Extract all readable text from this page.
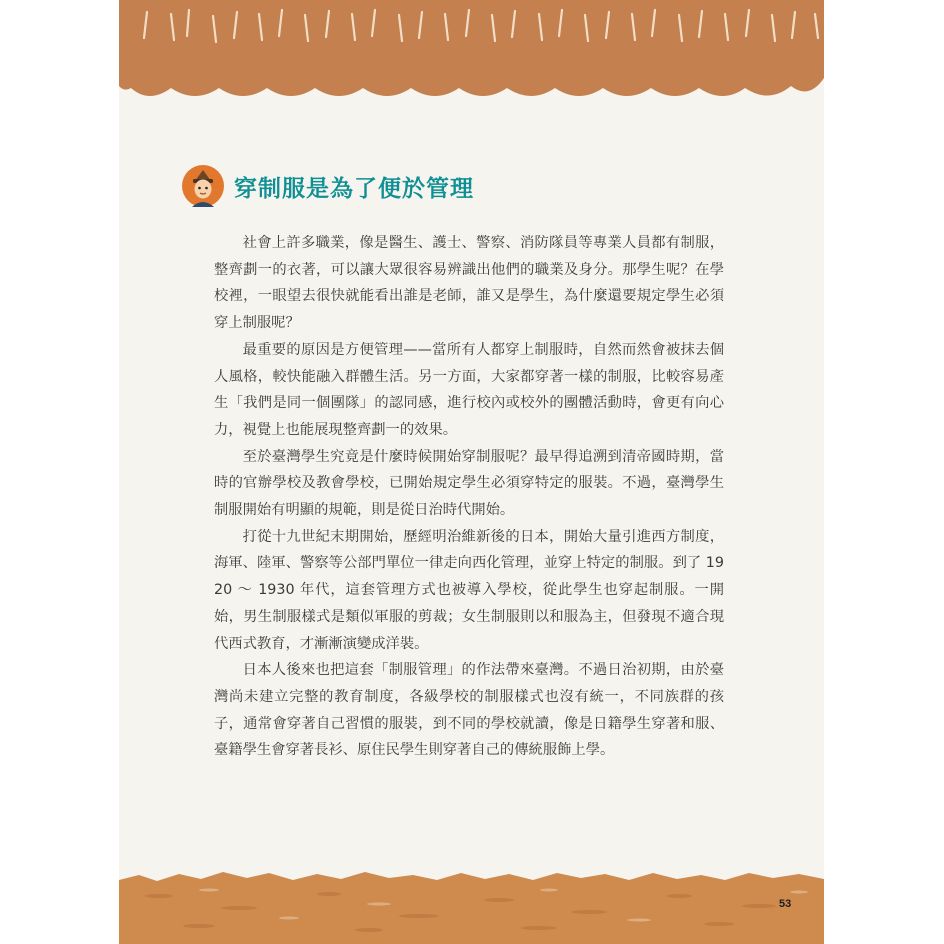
穿制服是為了便於管理

社會上許多職業，像是醫生、護士、警察、消防隊員等專業人員都有制服，整齊劃一的衣著，可以讓大眾很容易辨識出他們的職業及身分。那學生呢？在學校裡，一眼望去很快就能看出誰是老師，誰又是學生，為什麼還要規定學生必須穿上制服呢？

最重要的原因是方便管理——當所有人都穿上制服時，自然而然會被抹去個人風格，較快能融入群體生活。另一方面，大家都穿著一樣的制服，比較容易產生「我們是同一個團隊」的認同感，進行校內或校外的團體活動時，會更有向心力，視覺上也能展現整齊劃一的效果。

至於臺灣學生究竟是什麼時候開始穿制服呢？最早得追溯到清帝國時期，當時的官辦學校及教會學校，已開始規定學生必須穿特定的服裝。不過，臺灣學生制服開始有明顯的規範，則是從日治時代開始。

打從十九世紀末期開始，歷經明治維新後的日本，開始大量引進西方制度，海軍、陸軍、警察等公部門單位一律走向西化管理，並穿上特定的制服。到了 1920 ～ 1930 年代，這套管理方式也被導入學校，從此學生也穿起制服。一開始，男生制服樣式是類似軍服的剪裁；女生制服則以和服為主，但發現不適合現代西式教育，才漸漸演變成洋裝。

日本人後來也把這套「制服管理」的作法帶來臺灣。不過日治初期，由於臺灣尚未建立完整的教育制度，各級學校的制服樣式也沒有統一，不同族群的孩子，通常會穿著自己習慣的服裝，到不同的學校就讀，像是日籍學生穿著和服、臺籍學生會穿著長衫、原住民學生則穿著自己的傳統服飾上學。

53
